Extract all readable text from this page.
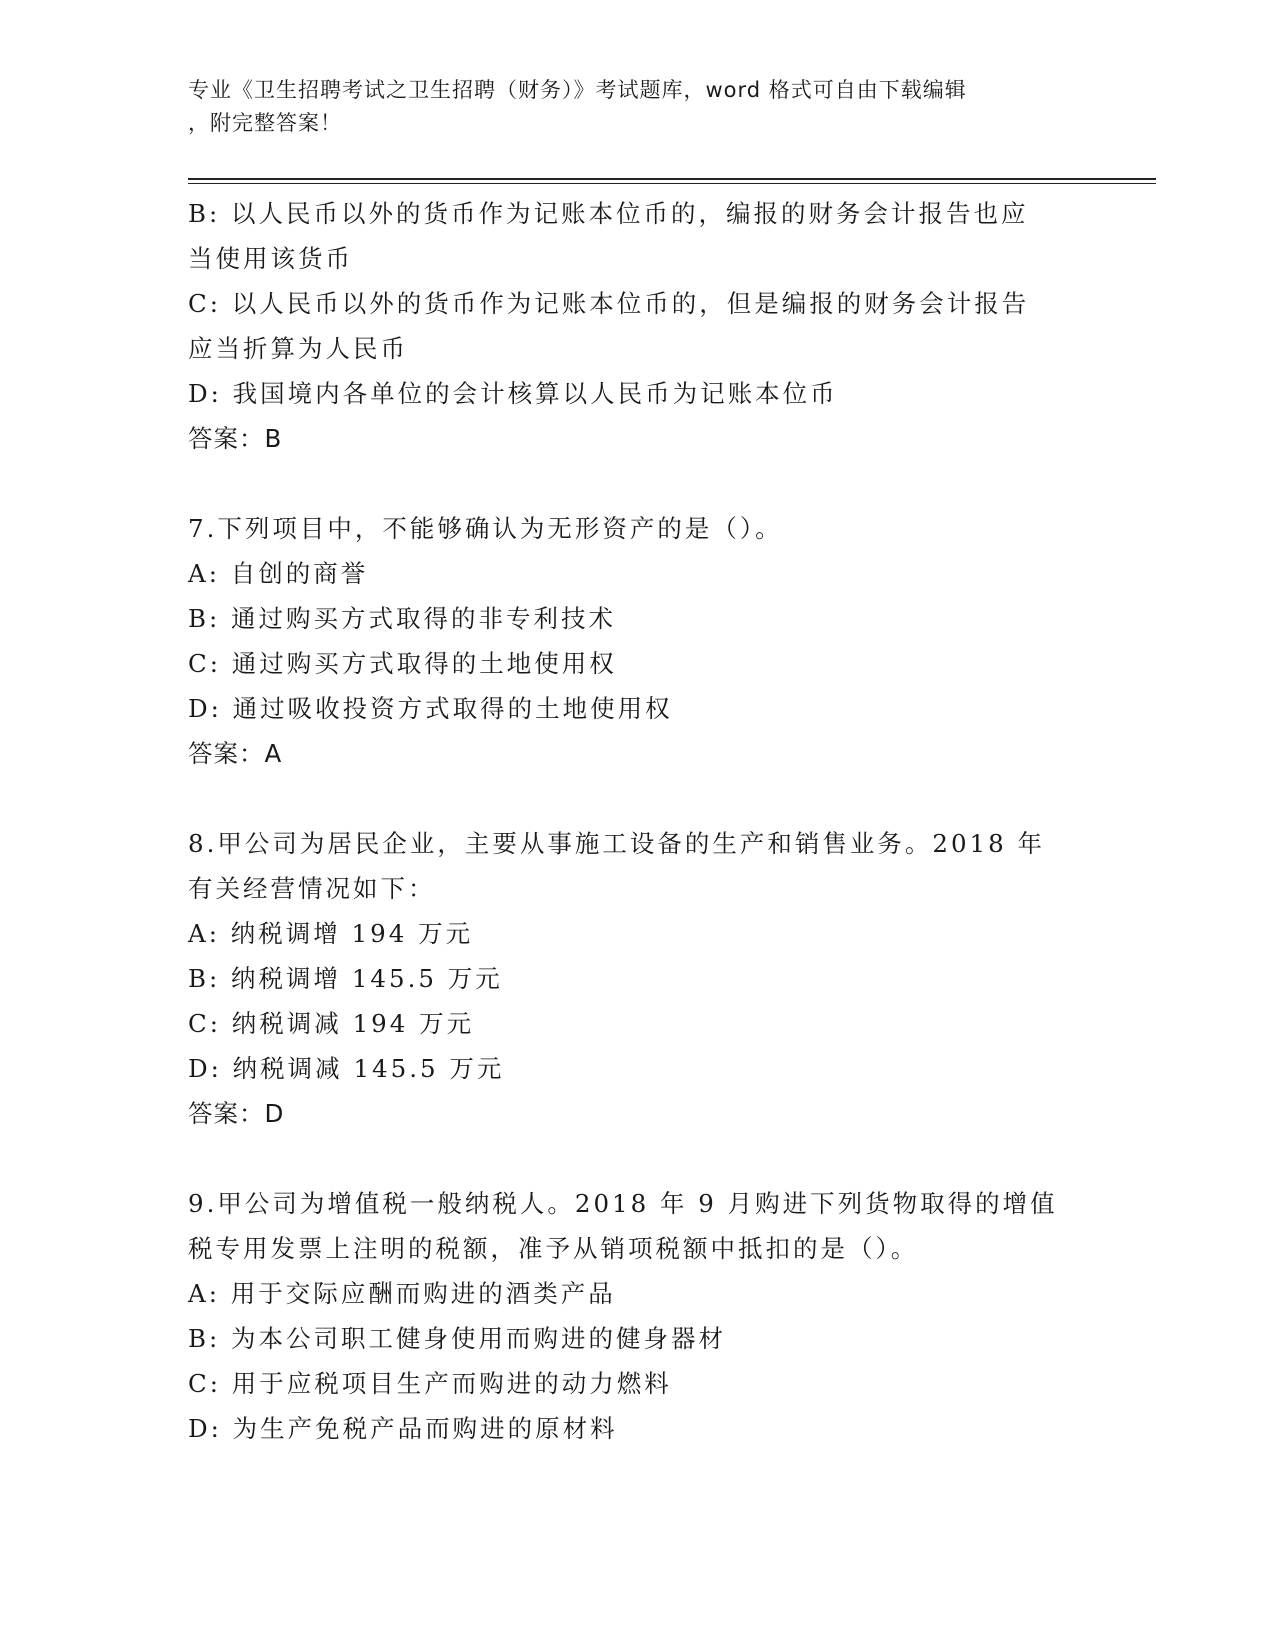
专业《卫生招聘考试之卫生招聘（财务）》考试题库，word 格式可自由下载编辑
，附完整答案！
B: 以人民币以外的货币作为记账本位币的，编报的财务会计报告也应
当使用该货币
C: 以人民币以外的货币作为记账本位币的，但是编报的财务会计报告
应当折算为人民币
D: 我国境内各单位的会计核算以人民币为记账本位币
答案：B
7.下列项目中，不能够确认为无形资产的是（）。
A: 自创的商誉
B: 通过购买方式取得的非专利技术
C: 通过购买方式取得的土地使用权
D: 通过吸收投资方式取得的土地使用权
答案：A
8.甲公司为居民企业，主要从事施工设备的生产和销售业务。2018 年
有关经营情况如下：
A: 纳税调增 194 万元
B: 纳税调增 145.5 万元
C: 纳税调减 194 万元
D: 纳税调减 145.5 万元
答案：D
9.甲公司为增值税一般纳税人。2018 年 9 月购进下列货物取得的增值
税专用发票上注明的税额，准予从销项税额中抵扣的是（）。
A: 用于交际应酬而购进的酒类产品
B: 为本公司职工健身使用而购进的健身器材
C: 用于应税项目生产而购进的动力燃料
D: 为生产免税产品而购进的原材料
